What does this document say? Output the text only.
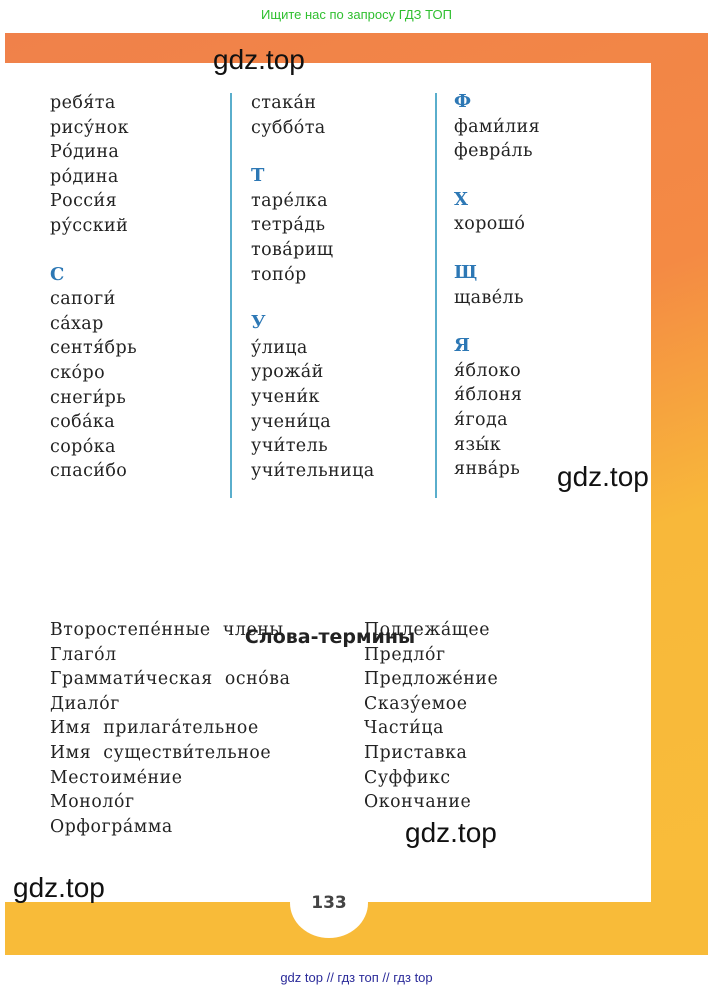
Ищите нас по запросу ГДЗ ТОП
ребя́та
рису́нок
Ро́дина
ро́дина
Росси́я
ру́сский
С
сапоги́
са́хар
сентя́брь
ско́ро
снеги́рь
соба́ка
соро́ка
спаси́бо
стака́н
суббо́та
Т
таре́лка
тетра́дь
това́рищ
топо́р
У
у́лица
урожа́й
учени́к
учени́ца
учи́тель
учи́тельница
Ф
фами́лия
февра́ль
Х
хорошо́
Щ
щаве́ль
Я
я́блоко
я́блоня
я́года
язы́к
янва́рь
Слова-термины
Второстепе́нные члены
Глаго́л
Граммати́ческая осно́ва
Диало́г
Имя прилага́тельное
Имя существи́тельное
Местоиме́ние
Моноло́г
Орфогра́мма
Подлежа́щее
Предло́г
Предложе́ние
Сказу́емое
Части́ца
Приставка
Суффикс
Окончание
gdz.top
gdz.top
gdz.top
gdz.top	133
gdz top // гдз топ // гдз top
